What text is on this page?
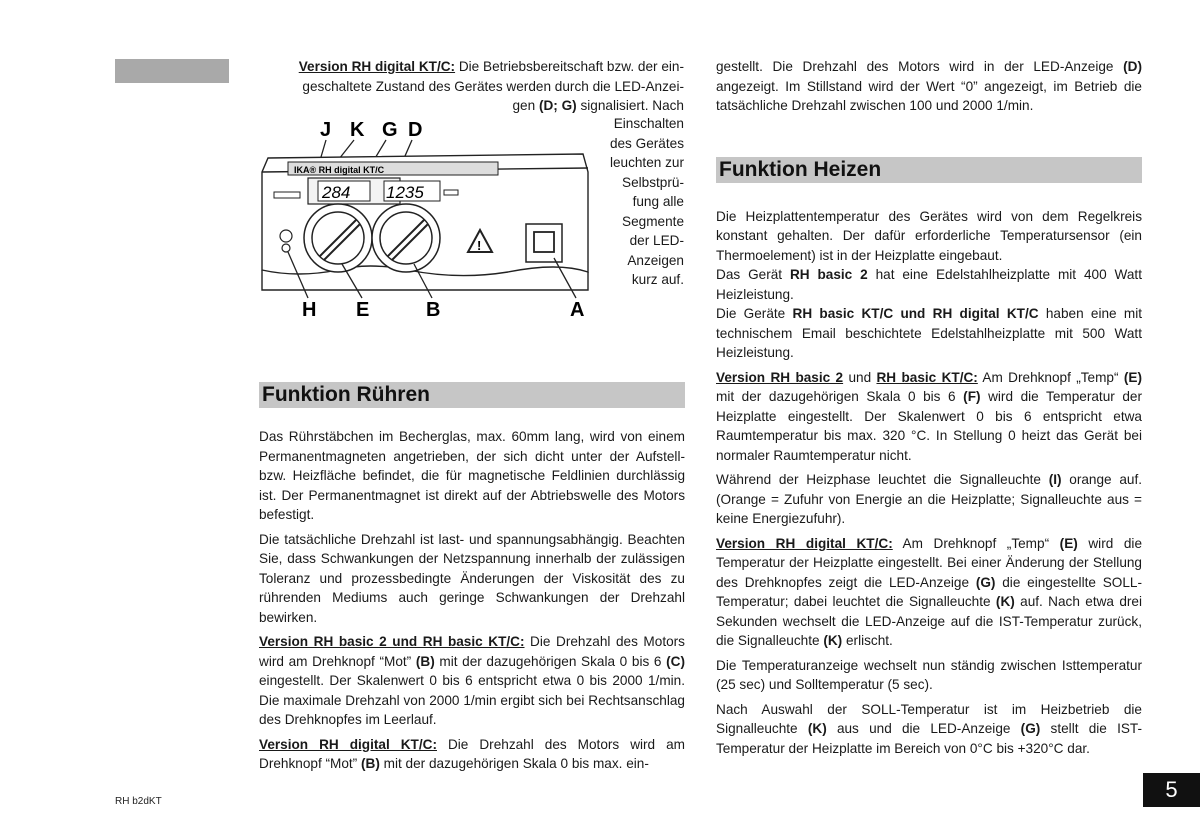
Version RH digital KT/C: Die Betriebsbereitschaft bzw. der ein-

geschaltete Zustand des Gerätes werden durch die LED-Anzei-

gen (D; G) signalisiert. Nach

Einschalten
des Gerätes
leuchten zur
Selbstprü-
fung alle
Segmente
der LED-
Anzeigen
kurz auf.
J K G D
IKA® RH digital KT/C
284 1235
!
H E	B	A
Funktion Rühren

Das Rührstäbchen im Becherglas, max. 60mm lang, wird von einem Permanentmagneten angetrieben, der sich dicht unter der Aufstell- bzw. Heizfläche befindet, die für magnetische Feldlinien durchlässig ist. Der Permanentmagnet ist direkt auf der Abtriebswelle des Motors befestigt.

Die tatsächliche Drehzahl ist last- und spannungsabhängig. Beachten Sie, dass Schwankungen der Netzspannung innerhalb der zulässigen Toleranz und prozessbedingte Änderungen der Viskosität des zu rührenden Mediums auch geringe Schwankungen der Drehzahl bewirken.

Version RH basic 2 und RH basic KT/C: Die Drehzahl des Motors wird am Drehknopf “Mot” (B) mit der dazugehörigen Skala 0 bis 6 (C) eingestellt. Der Skalenwert 0 bis 6 entspricht etwa 0 bis 2000 1/min. Die maximale Drehzahl von 2000 1/min ergibt sich bei Rechtsanschlag des Drehknopfes im Leerlauf.

Version RH digital KT/C: Die Drehzahl des Motors wird am Drehknopf “Mot” (B) mit der dazugehörigen Skala 0 bis max. ein-

gestellt. Die Drehzahl des Motors wird in der LED-Anzeige (D) angezeigt. Im Stillstand wird der Wert “0” angezeigt, im Betrieb die tatsächliche Drehzahl zwischen 100 und 2000 1/min.

Funktion Heizen

Die Heizplattentemperatur des Gerätes wird von dem Regelkreis konstant gehalten. Der dafür erforderliche Temperatursensor (ein Thermoelement) ist in der Heizplatte eingebaut.

Das Gerät RH basic 2 hat eine Edelstahlheizplatte mit 400 Watt Heizleistung.

Die Geräte RH basic KT/C und RH digital KT/C haben eine mit technischem Email beschichtete Edelstahlheizplatte mit 500 Watt Heizleistung.

Version RH basic 2 und RH basic KT/C: Am Drehknopf „Temp“ (E) mit der dazugehörigen Skala 0 bis 6 (F) wird die Temperatur der Heizplatte eingestellt. Der Skalenwert 0 bis 6 entspricht etwa Raumtemperatur bis max. 320 °C. In Stellung 0 heizt das Gerät bei normaler Raumtemperatur nicht.

Während der Heizphase leuchtet die Signalleuchte (I) orange auf. (Orange = Zufuhr von Energie an die Heizplatte; Signalleuchte aus = keine Energiezufuhr).

Version RH digital KT/C: Am Drehknopf „Temp“ (E) wird die Temperatur der Heizplatte eingestellt. Bei einer Änderung der Stellung des Drehknopfes zeigt die LED-Anzeige (G) die eingestellte SOLL-Temperatur; dabei leuchtet die Signalleuchte (K) auf. Nach etwa drei Sekunden wechselt die LED-Anzeige auf die IST-Temperatur zurück, die Signalleuchte (K) erlischt.

Die Temperaturanzeige wechselt nun ständig zwischen Isttemperatur (25 sec) und Solltemperatur (5 sec).

Nach Auswahl der SOLL-Temperatur ist im Heizbetrieb die Signalleuchte (K) aus und die LED-Anzeige (G) stellt die IST-Temperatur der Heizplatte im Bereich von 0°C bis +320°C dar.

RH b2dKT	5
